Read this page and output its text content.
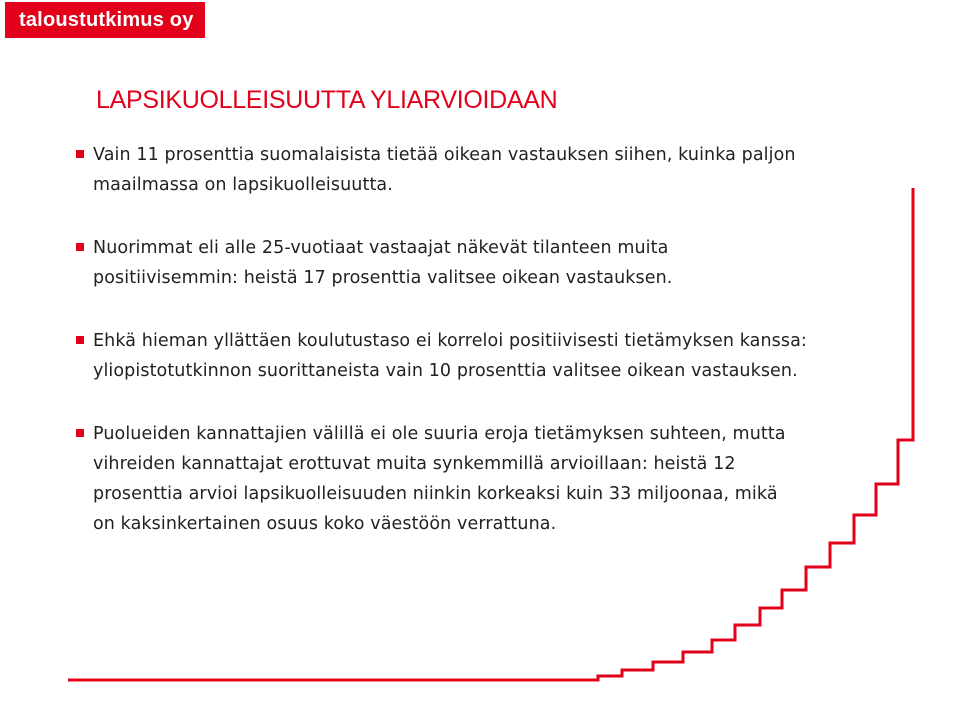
taloustutkimus oy
LAPSIKUOLLEISUUTTA YLIARVIOIDAAN
Vain 11 prosenttia suomalaisista tietää oikean vastauksen siihen, kuinka paljon
maailmassa on lapsikuolleisuutta.
Nuorimmat eli alle 25-vuotiaat vastaajat näkevät tilanteen muita
positiivisemmin: heistä 17 prosenttia valitsee oikean vastauksen.
Ehkä hieman yllättäen koulutustaso ei korreloi positiivisesti tietämyksen kanssa:
yliopistotutkinnon suorittaneista vain 10 prosenttia valitsee oikean vastauksen.
Puolueiden kannattajien välillä ei ole suuria eroja tietämyksen suhteen, mutta
vihreiden kannattajat erottuvat muita synkemmillä arvioillaan: heistä 12
prosenttia arvioi lapsikuolleisuuden niinkin korkeaksi kuin 33 miljoonaa, mikä
on kaksinkertainen osuus koko väestöön verrattuna.
